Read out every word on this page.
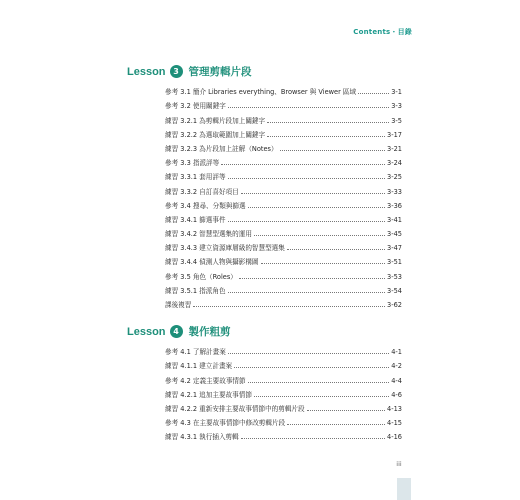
Contents・目錄
Lesson 3 管理剪輯片段
參考 3.1 簡介 Libraries everything、Browser 與 Viewer 區域	3-1
參考 3.2 使用關鍵字	3-3
練習 3.2.1 為剪輯片段加上關鍵字	3-5
練習 3.2.2 為選取範圍加上關鍵字	3-17
練習 3.2.3 為片段加上註解（Notes）	3-21
參考 3.3 指派評等	3-24
練習 3.3.1 套用評等	3-25
練習 3.3.2 自訂喜好項目	3-33
參考 3.4 搜尋、分類與篩選	3-36
練習 3.4.1 篩選事件	3-41
練習 3.4.2 智慧型選集的運用	3-45
練習 3.4.3 建立資源庫層級的智慧型選集	3-47
練習 3.4.4 偵測人物與攝影構圖	3-51
參考 3.5 角色（Roles）	3-53
練習 3.5.1 指派角色	3-54
課後複習	3-62
Lesson 4 製作粗剪
參考 4.1 了解計畫案	4-1
練習 4.1.1 建立計畫案	4-2
參考 4.2 定義主要故事情節	4-4
練習 4.2.1 追加主要故事情節	4-6
練習 4.2.2 重新安排主要故事情節中的剪輯片段	4-13
參考 4.3 在主要故事情節中修改剪輯片段	4-15
練習 4.3.1 執行插入剪輯	4-16
iii
